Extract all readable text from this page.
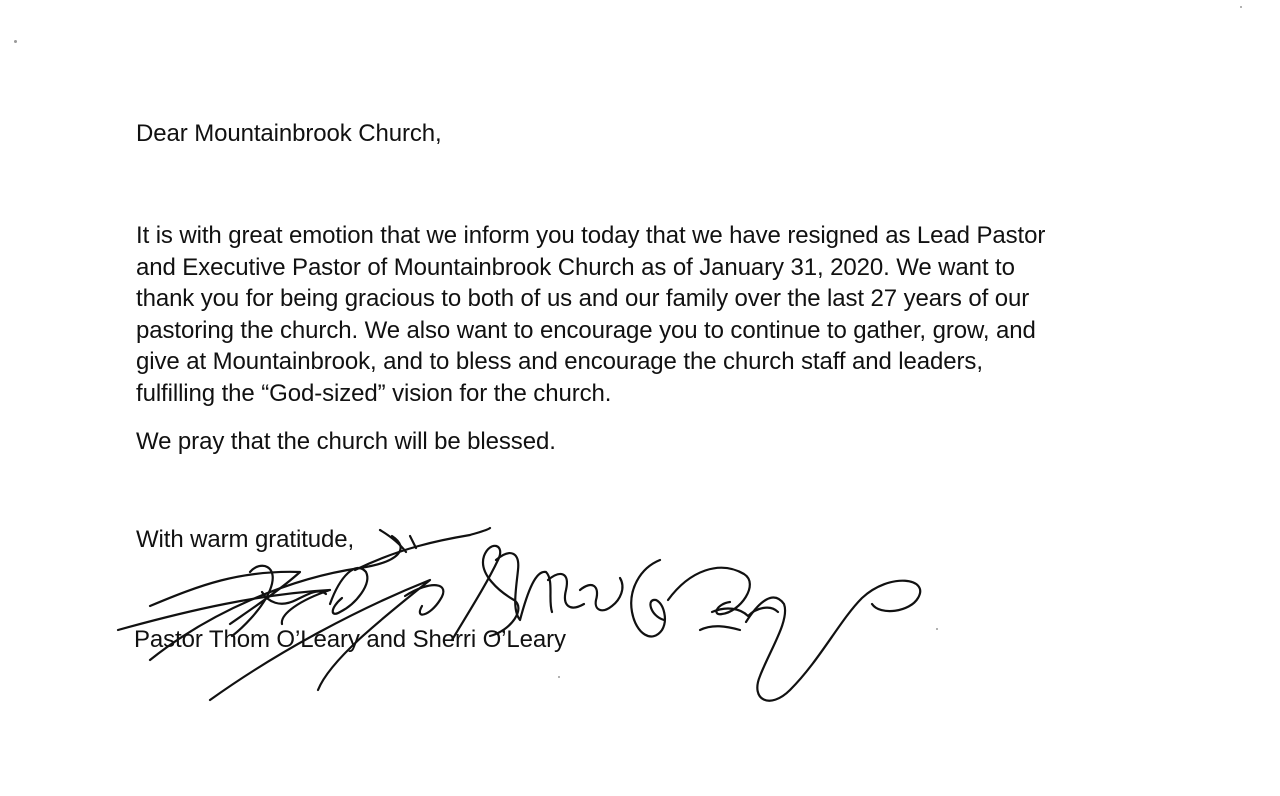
Dear Mountainbrook Church,
It is with great emotion that we inform you today that we have resigned as Lead Pastor
and Executive Pastor of Mountainbrook Church as of January 31, 2020. We want to
thank you for being gracious to both of us and our family over the last 27 years of our
pastoring the church. We also want to encourage you to continue to gather, grow, and
give at Mountainbrook, and to bless and encourage the church staff and leaders,
fulfilling the “God-sized” vision for the church.
We pray that the church will be blessed.
With warm gratitude,
Pastor Thom O’Leary and Sherri O’Leary
